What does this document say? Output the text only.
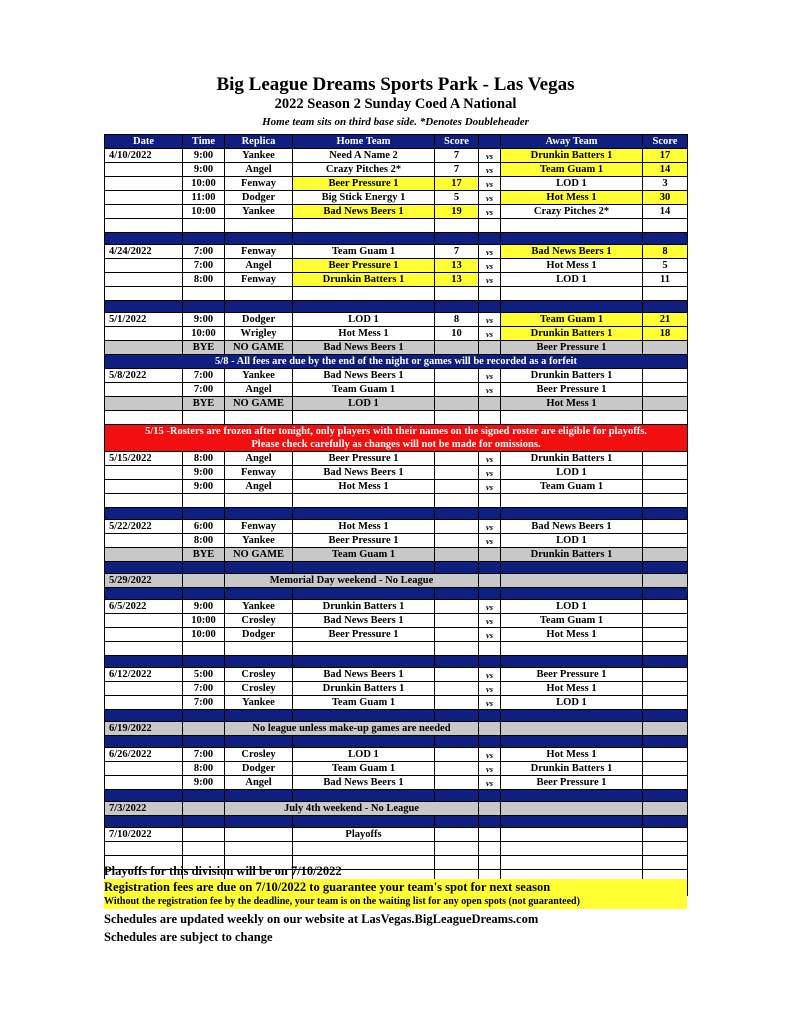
Big League Dreams Sports Park - Las Vegas
2022 Season 2 Sunday Coed A National
Home team sits on third base side. *Denotes Doubleheader
Date	Time	Replica	Home Team	Score		Away Team	Score
4/10/2022	9:00	Yankee	Need A Name 2	7	vs	Drunkin Batters 1	17
	9:00	Angel	Crazy Pitches 2*	7	vs	Team Guam 1	14
	10:00	Fenway	Beer Pressure 1	17	vs	LOD 1	3
	11:00	Dodger	Big Stick Energy 1	5	vs	Hot Mess 1	30
	10:00	Yankee	Bad News Beers 1	19	vs	Crazy Pitches 2*	14

4/24/2022	7:00	Fenway	Team Guam 1	7	vs	Bad News Beers 1	8
	7:00	Angel	Beer Pressure 1	13	vs	Hot Mess 1	5
	8:00	Fenway	Drunkin Batters 1	13	vs	LOD 1	11

5/1/2022	9:00	Dodger	LOD 1	8	vs	Team Guam 1	21
	10:00	Wrigley	Hot Mess 1	10	vs	Drunkin Batters 1	18
	BYE	NO GAME	Bad News Beers 1			Beer Pressure 1	
5/8 - All fees are due by the end of the night or games will be recorded as a forfeit							
5/8/2022	7:00	Yankee	Bad News Beers 1		vs	Drunkin Batters 1	
	7:00	Angel	Team Guam 1		vs	Beer Pressure 1	
	BYE	NO GAME	LOD 1			Hot Mess 1	

5/15 -Rosters are frozen after tonight, only players with their names on the signed roster are eligible for playoffs.
Please check carefully as changes will not be made for omissions.							

5/15/2022	8:00	Angel	Beer Pressure 1		vs	Drunkin Batters 1	
	9:00	Fenway	Bad News Beers 1		vs	LOD 1	
	9:00	Angel	Hot Mess 1		vs	Team Guam 1	

5/22/2022	6:00	Fenway	Hot Mess 1		vs	Bad News Beers 1	
	8:00	Yankee	Beer Pressure 1		vs	LOD 1	
	BYE	NO GAME	Team Guam 1			Drunkin Batters 1	

5/29/2022		Memorial Day weekend - No League					

6/5/2022	9:00	Yankee	Drunkin Batters 1		vs	LOD 1	
	10:00	Crosley	Bad News Beers 1		vs	Team Guam 1	
	10:00	Dodger	Beer Pressure 1		vs	Hot Mess 1	

6/12/2022	5:00	Crosley	Bad News Beers 1		vs	Beer Pressure 1	
	7:00	Crosley	Drunkin Batters 1		vs	Hot Mess 1	
	7:00	Yankee	Team Guam 1		vs	LOD 1	

6/19/2022		No league unless make-up games are needed					

6/26/2022	7:00	Crosley	LOD 1		vs	Hot Mess 1	
	8:00	Dodger	Team Guam 1		vs	Drunkin Batters 1	
	9:00	Angel	Bad News Beers 1		vs	Beer Pressure 1	

7/3/2022		July 4th weekend - No League					

7/10/2022			Playoffs				

Playoffs for this division will be on 7/10/2022
Registration fees are due on 7/10/2022 to guarantee your team's spot for next season
Without the registration fee by the deadline, your team is on the waiting list for any open spots (not guaranteed)
Schedules are updated weekly on our website at LasVegas.BigLeagueDreams.com
Schedules are subject to change
